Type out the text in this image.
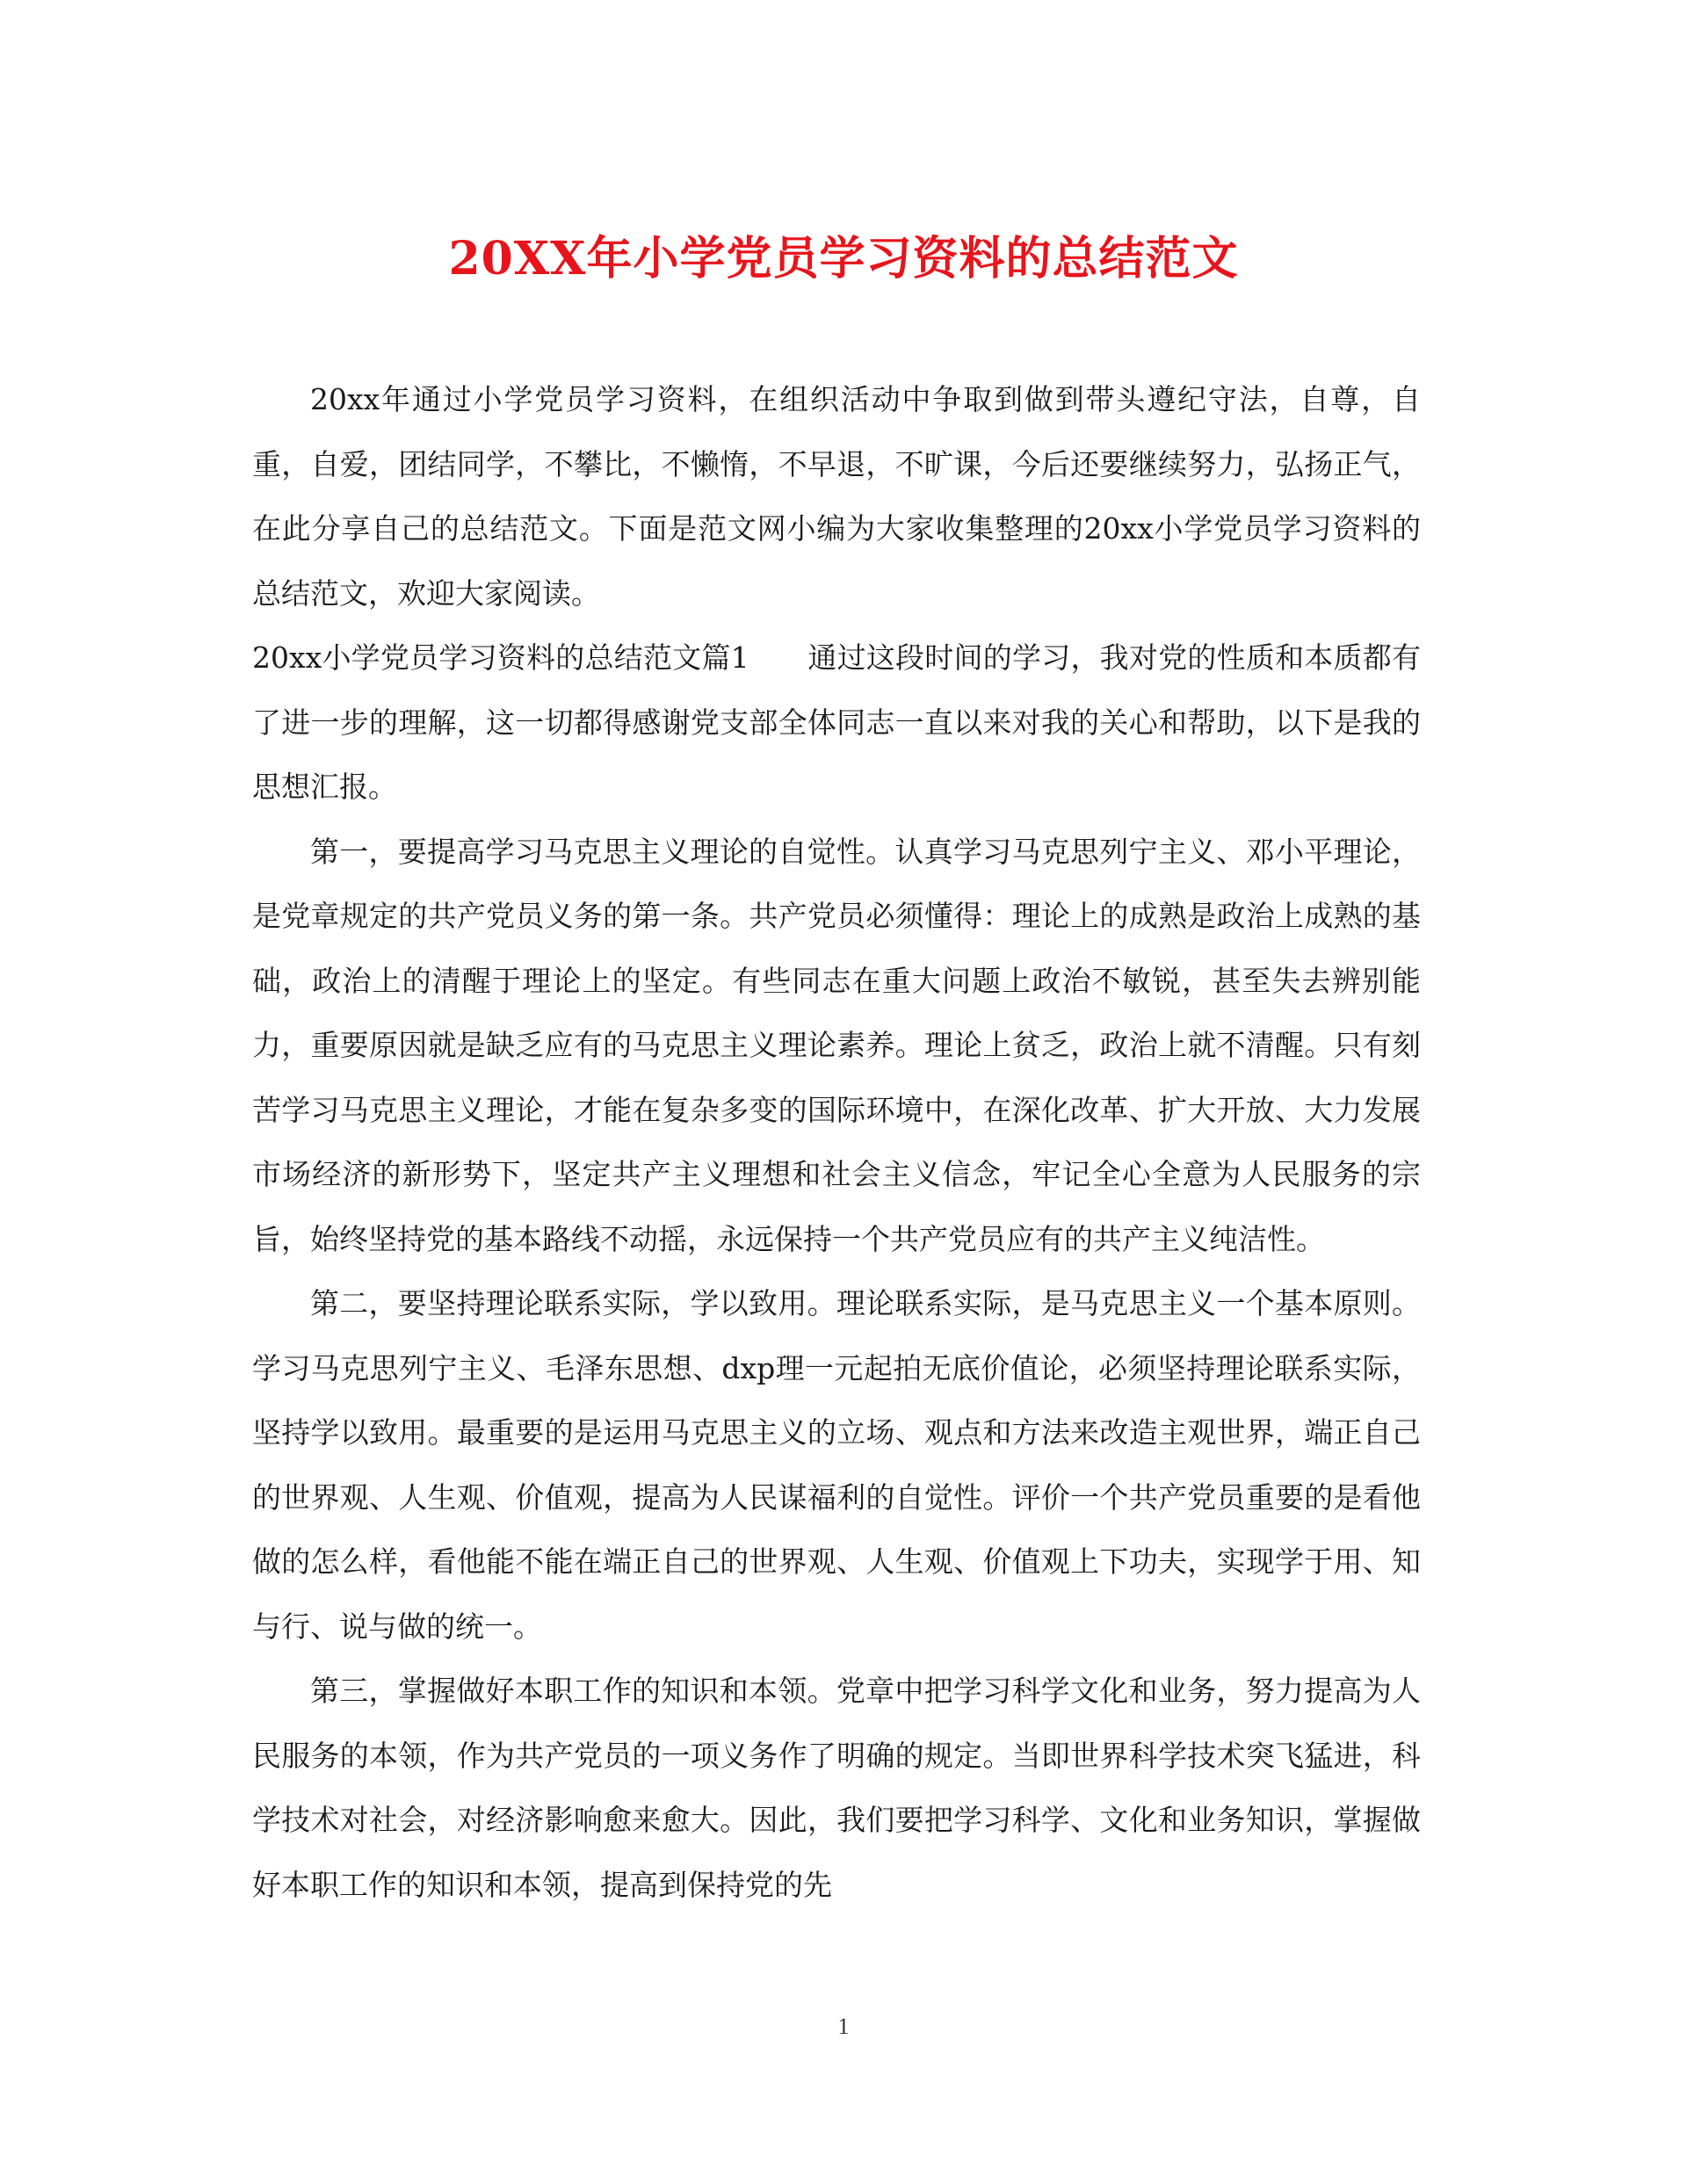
20XX年小学党员学习资料的总结范文

20xx年通过小学党员学习资料，在组织活动中争取到做到带头遵纪守法，自尊，自重，自爱，团结同学，不攀比，不懒惰，不早退，不旷课，今后还要继续努力，弘扬正气，在此分享自己的总结范文。下面是范文网小编为大家收集整理的20xx小学党员学习资料的总结范文，欢迎大家阅读。

20xx小学党员学习资料的总结范文篇1　　通过这段时间的学习，我对党的性质和本质都有了进一步的理解，这一切都得感谢党支部全体同志一直以来对我的关心和帮助，以下是我的思想汇报。

第一，要提高学习马克思主义理论的自觉性。认真学习马克思列宁主义、邓小平理论，是党章规定的共产党员义务的第一条。共产党员必须懂得：理论上的成熟是政治上成熟的基础，政治上的清醒于理论上的坚定。有些同志在重大问题上政治不敏锐，甚至失去辨别能力，重要原因就是缺乏应有的马克思主义理论素养。理论上贫乏，政治上就不清醒。只有刻苦学习马克思主义理论，才能在复杂多变的国际环境中，在深化改革、扩大开放、大力发展市场经济的新形势下，坚定共产主义理想和社会主义信念，牢记全心全意为人民服务的宗旨，始终坚持党的基本路线不动摇，永远保持一个共产党员应有的共产主义纯洁性。

第二，要坚持理论联系实际，学以致用。理论联系实际，是马克思主义一个基本原则。学习马克思列宁主义、毛泽东思想、dxp理一元起拍无底价值论，必须坚持理论联系实际，坚持学以致用。最重要的是运用马克思主义的立场、观点和方法来改造主观世界，端正自己的世界观、人生观、价值观，提高为人民谋福利的自觉性。评价一个共产党员重要的是看他做的怎么样，看他能不能在端正自己的世界观、人生观、价值观上下功夫，实现学于用、知与行、说与做的统一。

第三，掌握做好本职工作的知识和本领。党章中把学习科学文化和业务，努力提高为人民服务的本领，作为共产党员的一项义务作了明确的规定。当即世界科学技术突飞猛进，科学技术对社会，对经济影响愈来愈大。因此，我们要把学习科学、文化和业务知识，掌握做好本职工作的知识和本领，提高到保持党的先

1
